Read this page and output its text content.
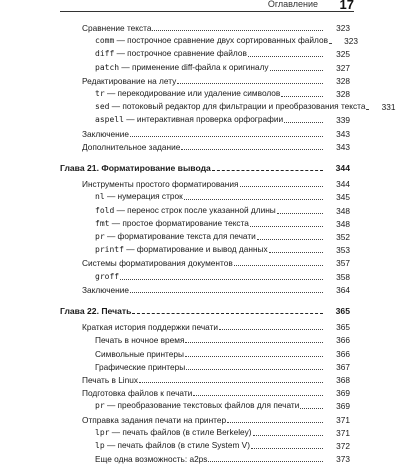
Оглавление 17
Сравнение текста	323
comm — построчное сравнение двух сортированных файлов	323
diff — построчное сравнение файлов	325
patch — применение diff-файла к оригиналу	327
Редактирование на лету	328
tr — перекодирование или удаление символов	328
sed — потоковый редактор для фильтрации и преобразования текста	331
aspell — интерактивная проверка орфографии	339
Заключение	343
Дополнительное задание	343
Глава 21. Форматирование вывода	344
Инструменты простого форматирования	344
nl — нумерация строк	345
fold — перенос строк после указанной длины	348
fmt — простое форматирование текста	348
pr — форматирование текста для печати	352
printf — форматирование и вывод данных	353
Системы форматирования документов	357
groff	358
Заключение	364
Глава 22. Печать	365
Краткая история поддержки печати	365
Печать в ночное время	366
Символьные принтеры	366
Графические принтеры	367
Печать в Linux	368
Подготовка файлов к печати	369
pr — преобразование текстовых файлов для печати	369
Отправка задания печати на принтер	371
lpr — печать файлов (в стиле Berkeley)	371
lp — печать файлов (в стиле System V)	372
Еще одна возможность: a2ps	373
